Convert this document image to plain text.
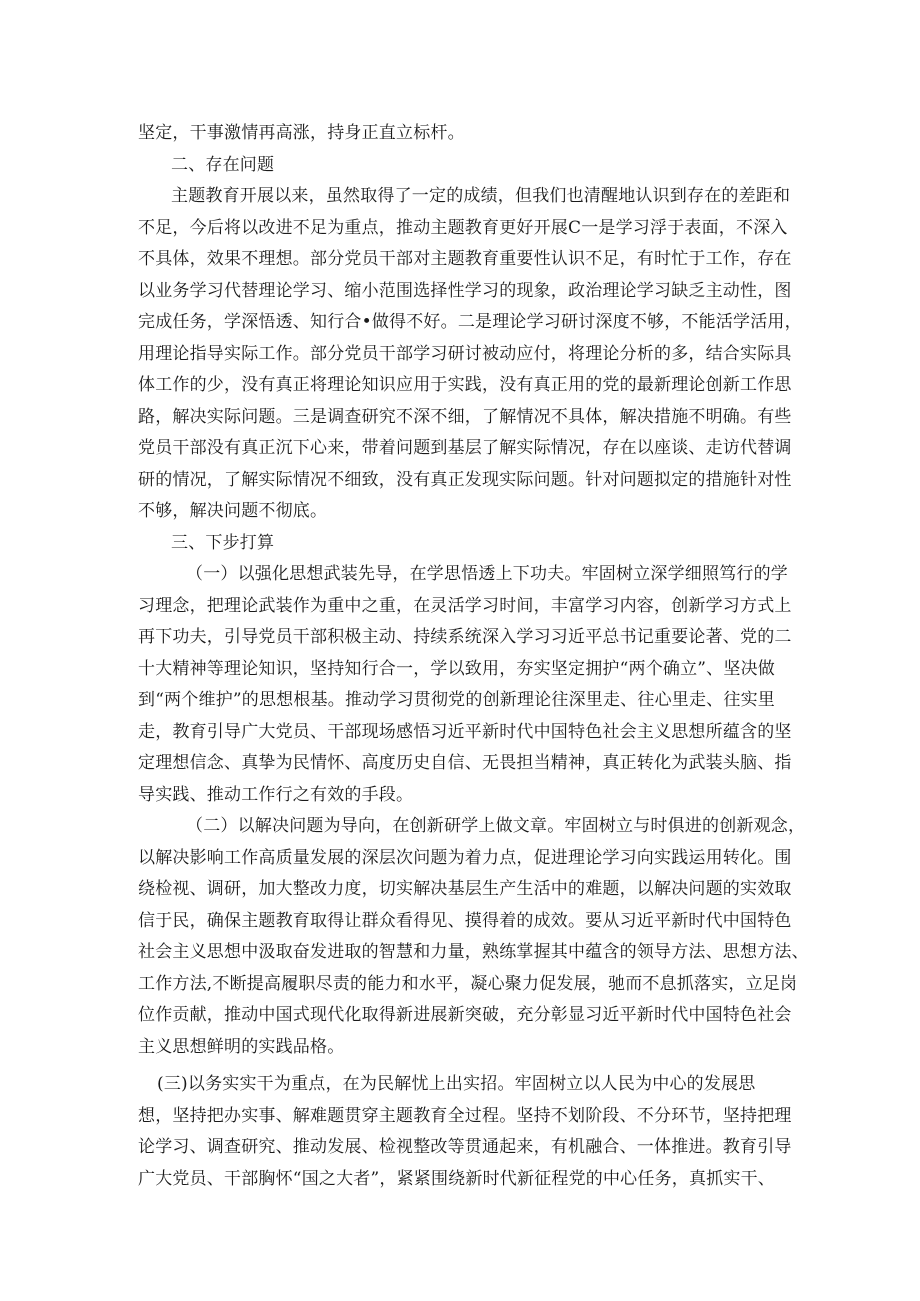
坚定，干事激情再高涨，持身正直立标杆。
二、存在问题
主题教育开展以来，虽然取得了一定的成绩，但我们也清醒地认识到存在的差距和
不足，今后将以改进不足为重点，推动主题教育更好开展C一是学习浮于表面，不深入
不具体，效果不理想。部分党员干部对主题教育重要性认识不足，有时忙于工作，存在
以业务学习代替理论学习、缩小范围选择性学习的现象，政治理论学习缺乏主动性，图
完成任务，学深悟透、知行合•做得不好。二是理论学习研讨深度不够，不能活学活用，
用理论指导实际工作。部分党员干部学习研讨被动应付，将理论分析的多，结合实际具
体工作的少，没有真正将理论知识应用于实践，没有真正用的党的最新理论创新工作思
路，解决实际问题。三是调查研究不深不细，了解情况不具体，解决措施不明确。有些
党员干部没有真正沉下心来，带着问题到基层了解实际情况，存在以座谈、走访代替调
研的情况，了解实际情况不细致，没有真正发现实际问题。针对问题拟定的措施针对性
不够，解决问题不彻底。
三、下步打算
（一）以强化思想武装先导，在学思悟透上下功夫。牢固树立深学细照笃行的学
习理念，把理论武装作为重中之重，在灵活学习时间，丰富学习内容，创新学习方式上
再下功夫，引导党员干部积极主动、持续系统深入学习习近平总书记重要论著、党的二
十大精神等理论知识，坚持知行合一，学以致用，夯实坚定拥护“两个确立”、坚决做
到“两个维护”的思想根基。推动学习贯彻党的创新理论往深里走、往心里走、往实里
走，教育引导广大党员、干部现场感悟习近平新时代中国特色社会主义思想所蕴含的坚
定理想信念、真挚为民情怀、高度历史自信、无畏担当精神，真正转化为武装头脑、指
导实践、推动工作行之有效的手段。
（二）以解决问题为导向，在创新研学上做文章。牢固树立与时俱进的创新观念，
以解决影响工作高质量发展的深层次问题为着力点，促进理论学习向实践运用转化。围
绕检视、调研，加大整改力度，切实解决基层生产生活中的难题，以解决问题的实效取
信于民，确保主题教育取得让群众看得见、摸得着的成效。要从习近平新时代中国特色
社会主义思想中汲取奋发进取的智慧和力量，熟练掌握其中蕴含的领导方法、思想方法、
工作方法,不断提高履职尽责的能力和水平，凝心聚力促发展，驰而不息抓落实，立足岗
位作贡献，推动中国式现代化取得新进展新突破，充分彰显习近平新时代中国特色社会
主义思想鲜明的实践品格。
(三)以务实实干为重点，在为民解忧上出实招。牢固树立以人民为中心的发展思
想，坚持把办实事、解难题贯穿主题教育全过程。坚持不划阶段、不分环节，坚持把理
论学习、调查研究、推动发展、检视整改等贯通起来，有机融合、一体推进。教育引导
广大党员、干部胸怀“国之大者”，紧紧围绕新时代新征程党的中心任务，真抓实干、
